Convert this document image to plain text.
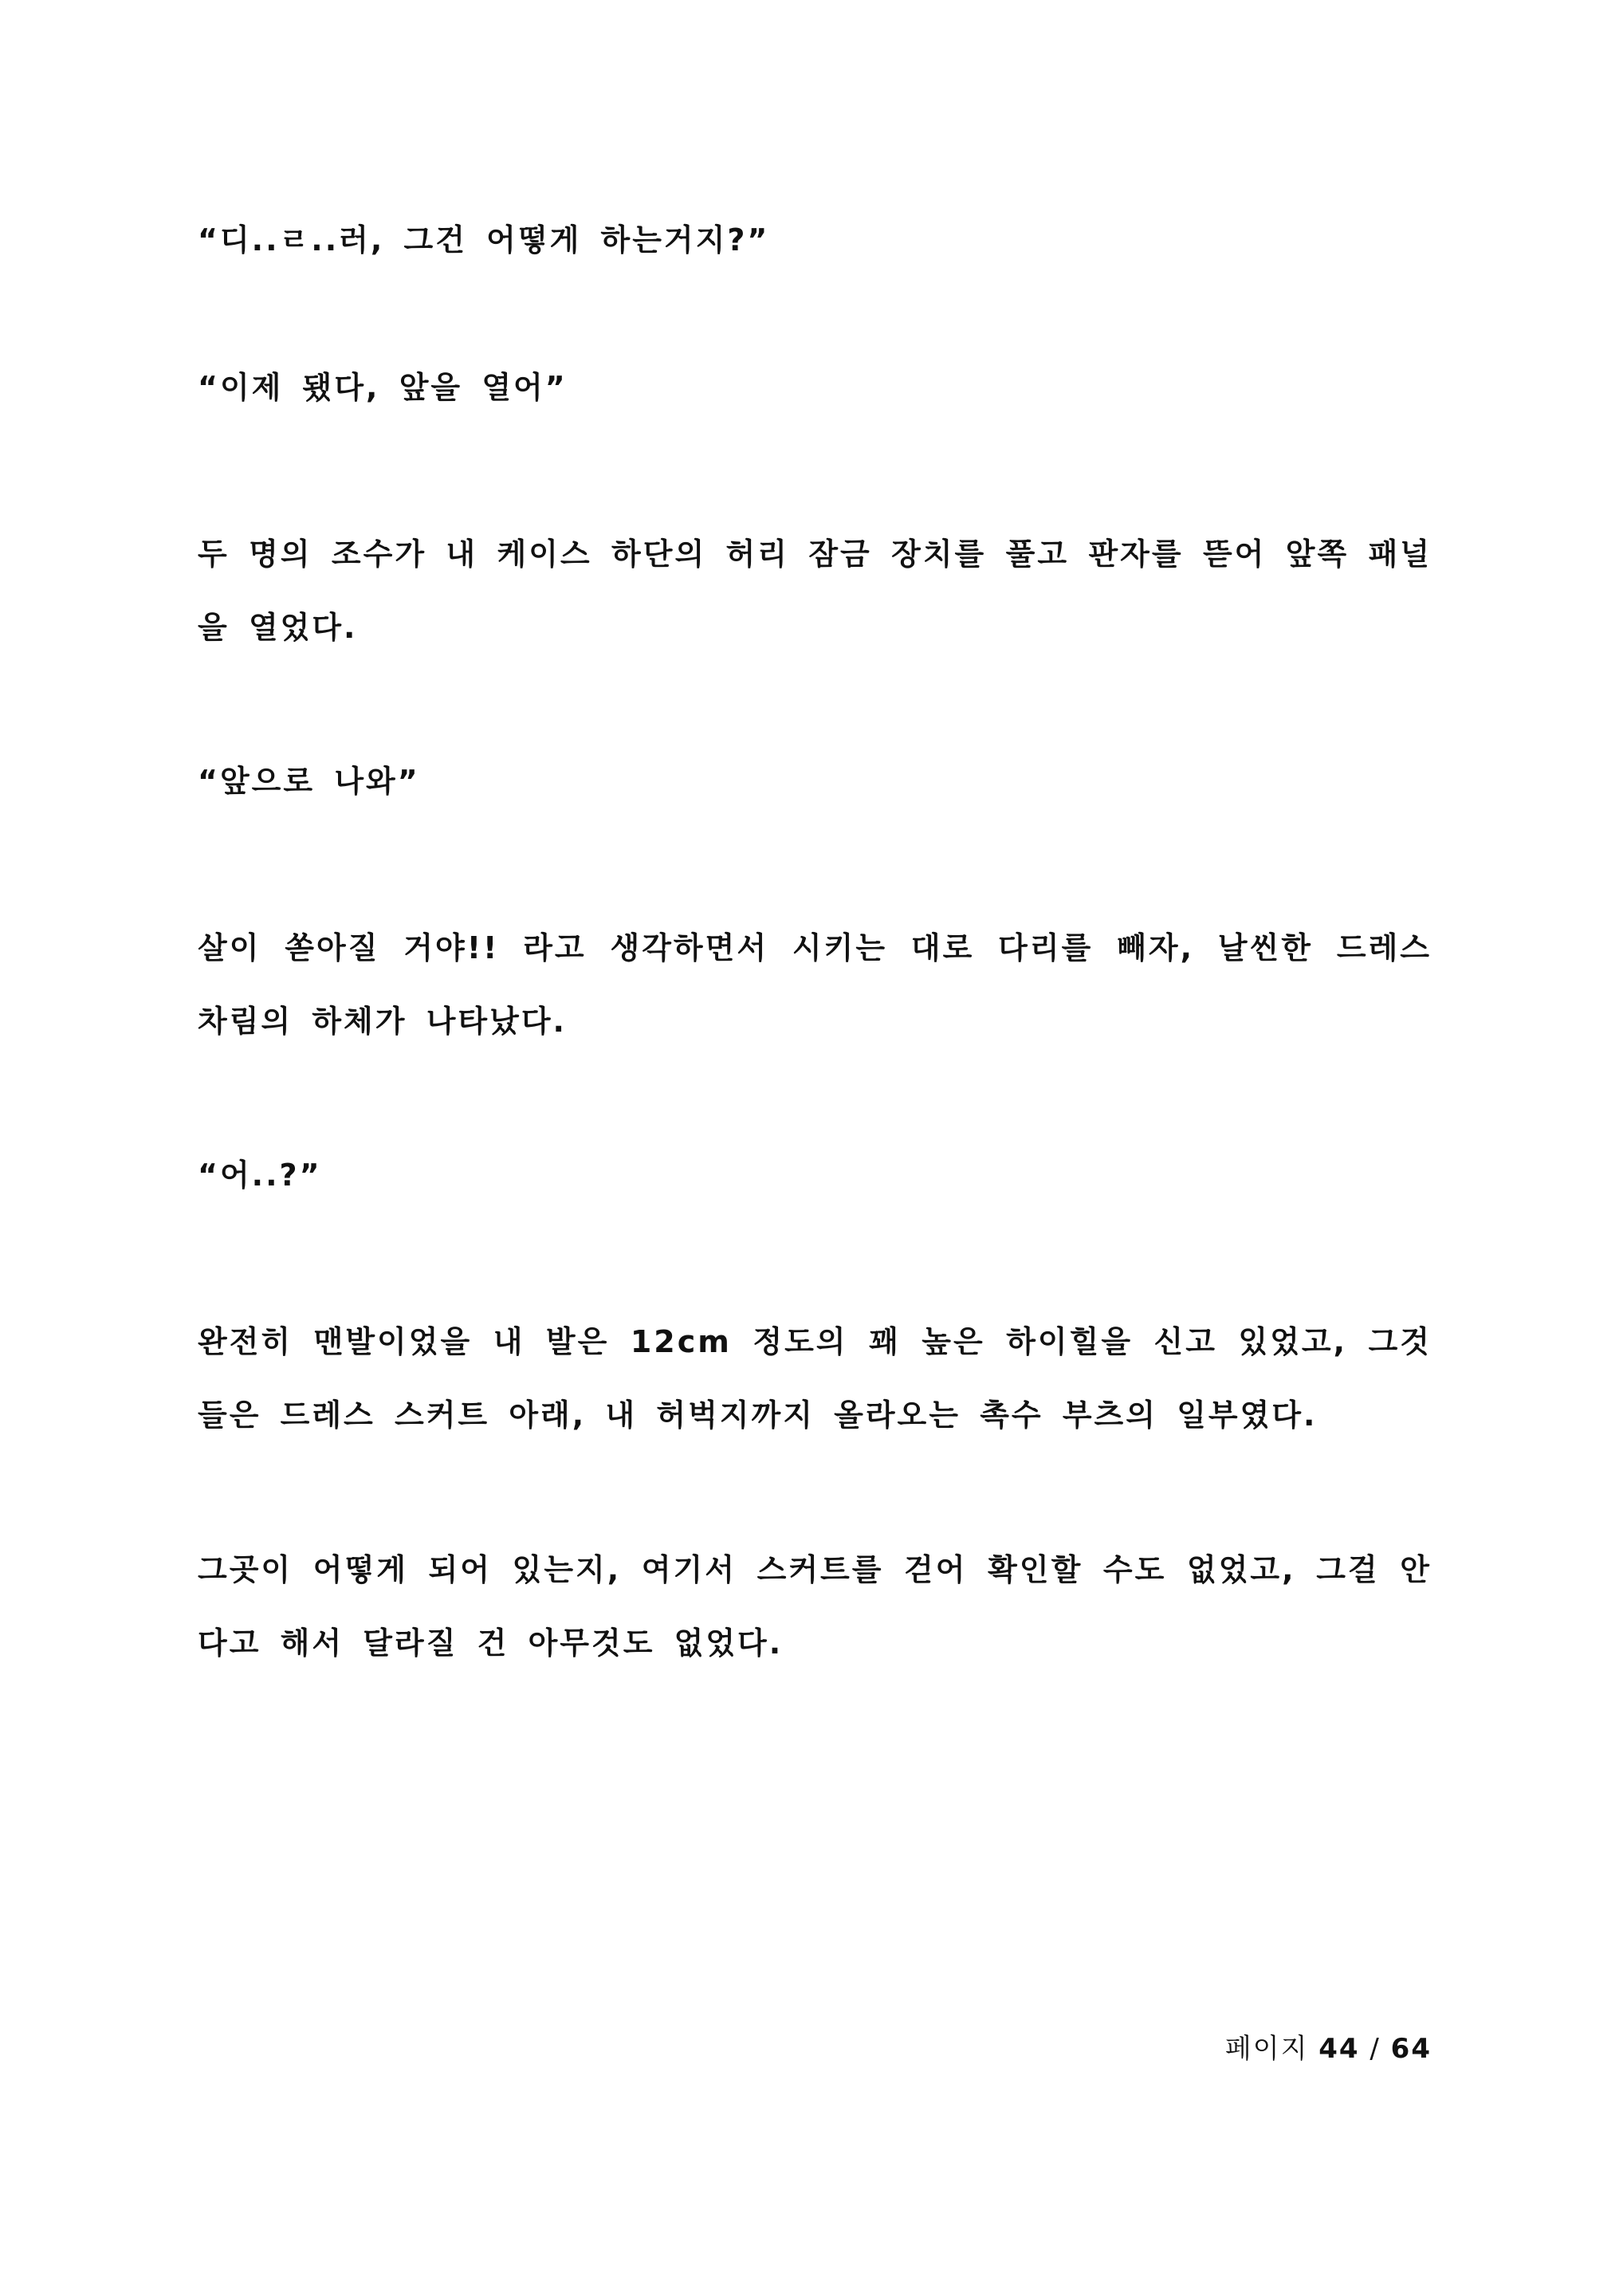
“디..ㄹ..러, 그건 어떻게 하는거지?”

“이제 됐다, 앞을 열어”

두 명의 조수가 내 케이스 하단의 허리 잠금 장치를 풀고 판자를 뜯어 앞쪽 패널을 열었다.

“앞으로 나와”

살이 쏟아질 거야!! 라고 생각하면서 시키는 대로 다리를 빼자, 날씬한 드레스 차림의 하체가 나타났다.

“어..?”

완전히 맨발이었을 내 발은 12cm 정도의 꽤 높은 하이힐을 신고 있었고, 그것들은 드레스 스커트 아래, 내 허벅지까지 올라오는 촉수 부츠의 일부였다.

그곳이 어떻게 되어 있는지, 여기서 스커트를 걷어 확인할 수도 없었고, 그걸 안다고 해서 달라질 건 아무것도 없었다.

페이지 44 / 64
